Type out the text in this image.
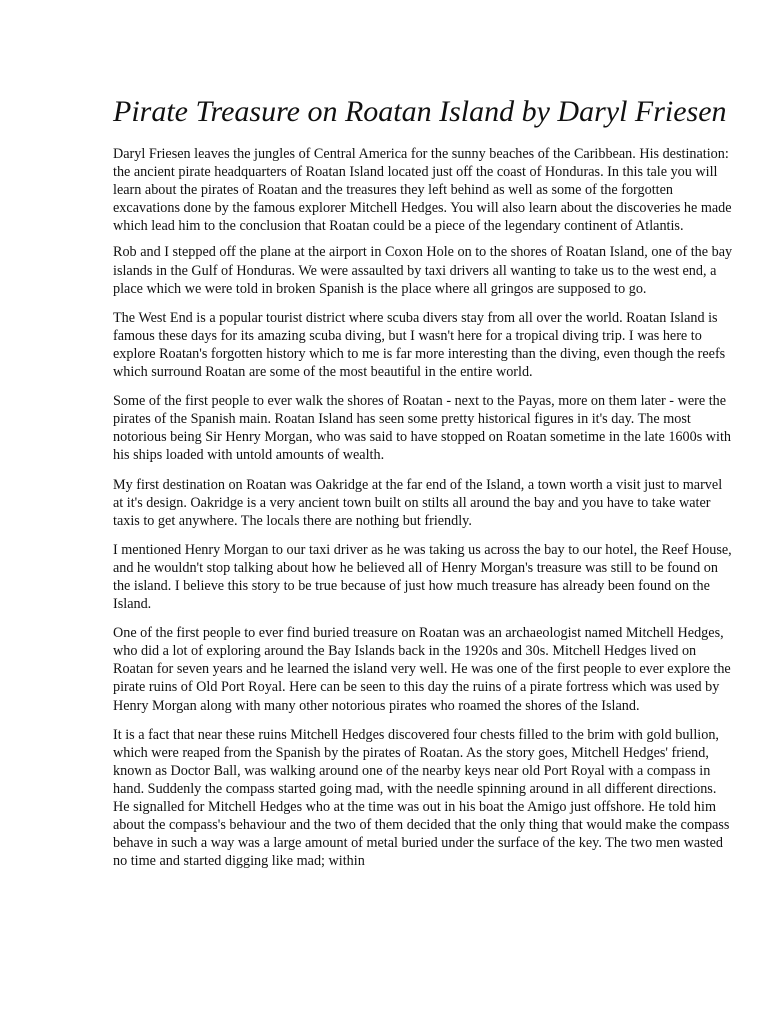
Pirate Treasure on Roatan Island by Daryl Friesen

Daryl Friesen leaves the jungles of Central America for the sunny beaches of the Caribbean. His destination: the ancient pirate headquarters of Roatan Island located just off the coast of Honduras. In this tale you will learn about the pirates of Roatan and the treasures they left behind as well as some of the forgotten excavations done by the famous explorer Mitchell Hedges. You will also learn about the discoveries he made which lead him to the conclusion that Roatan could be a piece of the legendary continent of Atlantis.

Rob and I stepped off the plane at the airport in Coxon Hole on to the shores of Roatan Island, one of the bay islands in the Gulf of Honduras. We were assaulted by taxi drivers all wanting to take us to the west end, a place which we were told in broken Spanish is the place where all gringos are supposed to go.

The West End is a popular tourist district where scuba divers stay from all over the world. Roatan Island is famous these days for its amazing scuba diving, but I wasn't here for a tropical diving trip. I was here to explore Roatan's forgotten history which to me is far more interesting than the diving, even though the reefs which surround Roatan are some of the most beautiful in the entire world.

Some of the first people to ever walk the shores of Roatan - next to the Payas, more on them later - were the pirates of the Spanish main. Roatan Island has seen some pretty historical figures in it's day. The most notorious being Sir Henry Morgan, who was said to have stopped on Roatan sometime in the late 1600s with his ships loaded with untold amounts of wealth.

My first destination on Roatan was Oakridge at the far end of the Island, a town worth a visit just to marvel at it's design. Oakridge is a very ancient town built on stilts all around the bay and you have to take water taxis to get anywhere. The locals there are nothing but friendly.

I mentioned Henry Morgan to our taxi driver as he was taking us across the bay to our hotel, the Reef House, and he wouldn't stop talking about how he believed all of Henry Morgan's treasure was still to be found on the island. I believe this story to be true because of just how much treasure has already been found on the Island.

One of the first people to ever find buried treasure on Roatan was an archaeologist named Mitchell Hedges, who did a lot of exploring around the Bay Islands back in the 1920s and 30s. Mitchell Hedges lived on Roatan for seven years and he learned the island very well. He was one of the first people to ever explore the pirate ruins of Old Port Royal. Here can be seen to this day the ruins of a pirate fortress which was used by Henry Morgan along with many other notorious pirates who roamed the shores of the Island.

It is a fact that near these ruins Mitchell Hedges discovered four chests filled to the brim with gold bullion, which were reaped from the Spanish by the pirates of Roatan. As the story goes, Mitchell Hedges' friend, known as Doctor Ball, was walking around one of the nearby keys near old Port Royal with a compass in hand. Suddenly the compass started going mad, with the needle spinning around in all different directions. He signalled for Mitchell Hedges who at the time was out in his boat the Amigo just offshore. He told him about the compass's behaviour and the two of them decided that the only thing that would make the compass behave in such a way was a large amount of metal buried under the surface of the key. The two men wasted no time and started digging like mad; within
